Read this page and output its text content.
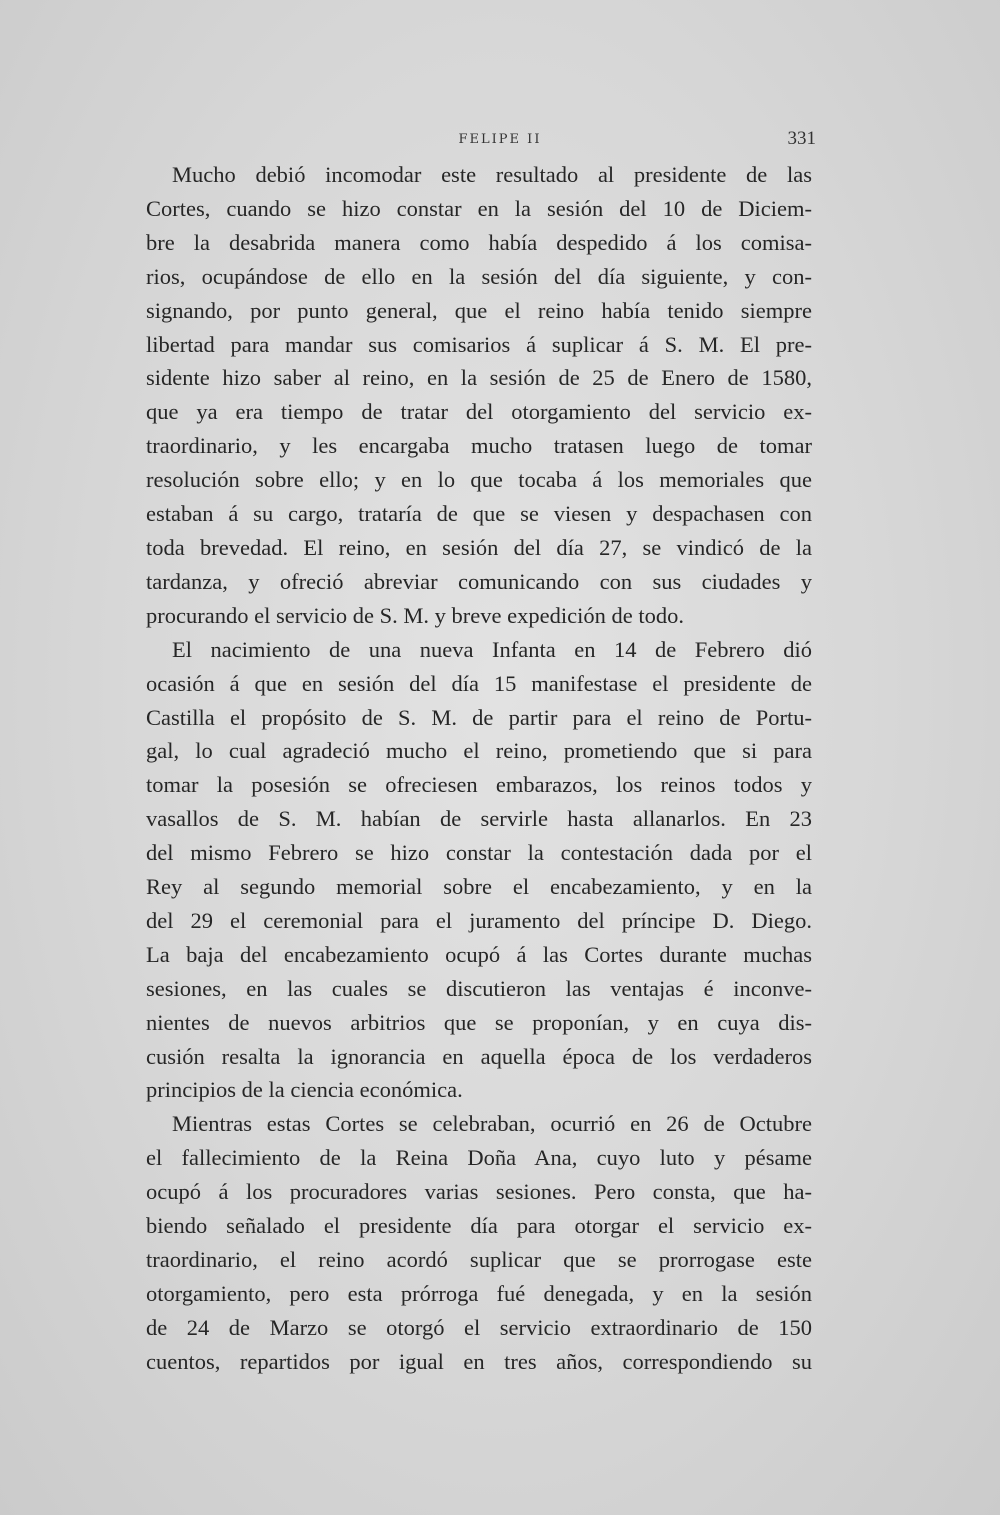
FELIPE II	331
Mucho debió incomodar este resultado al presidente de las
Cortes, cuando se hizo constar en la sesión del 10 de Diciem-
bre la desabrida manera como había despedido á los comisa-
rios, ocupándose de ello en la sesión del día siguiente, y con-
signando, por punto general, que el reino había tenido siempre
libertad para mandar sus comisarios á suplicar á S. M. El pre-
sidente hizo saber al reino, en la sesión de 25 de Enero de 1580,
que ya era tiempo de tratar del otorgamiento del servicio ex-
traordinario, y les encargaba mucho tratasen luego de tomar
resolución sobre ello; y en lo que tocaba á los memoriales que
estaban á su cargo, trataría de que se viesen y despachasen con
toda brevedad. El reino, en sesión del día 27, se vindicó de la
tardanza, y ofreció abreviar comunicando con sus ciudades y
procurando el servicio de S. M. y breve expedición de todo.
El nacimiento de una nueva Infanta en 14 de Febrero dió
ocasión á que en sesión del día 15 manifestase el presidente de
Castilla el propósito de S. M. de partir para el reino de Portu-
gal, lo cual agradeció mucho el reino, prometiendo que si para
tomar la posesión se ofreciesen embarazos, los reinos todos y
vasallos de S. M. habían de servirle hasta allanarlos. En 23
del mismo Febrero se hizo constar la contestación dada por el
Rey al segundo memorial sobre el encabezamiento, y en la
del 29 el ceremonial para el juramento del príncipe D. Diego.
La baja del encabezamiento ocupó á las Cortes durante muchas
sesiones, en las cuales se discutieron las ventajas é inconve-
nientes de nuevos arbitrios que se proponían, y en cuya dis-
cusión resalta la ignorancia en aquella época de los verdaderos
principios de la ciencia económica.
Mientras estas Cortes se celebraban, ocurrió en 26 de Octubre
el fallecimiento de la Reina Doña Ana, cuyo luto y pésame
ocupó á los procuradores varias sesiones. Pero consta, que ha-
biendo señalado el presidente día para otorgar el servicio ex-
traordinario, el reino acordó suplicar que se prorrogase este
otorgamiento, pero esta prórroga fué denegada, y en la sesión
de 24 de Marzo se otorgó el servicio extraordinario de 150
cuentos, repartidos por igual en tres años, correspondiendo su
